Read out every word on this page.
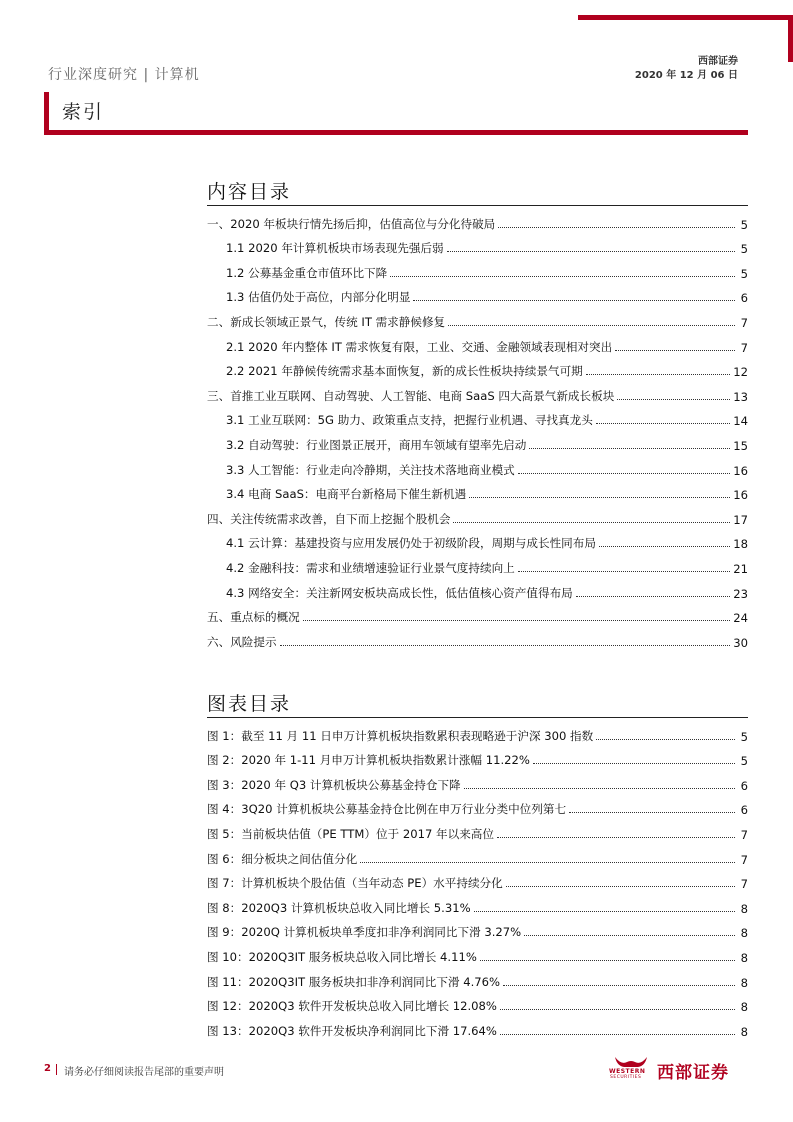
西部证券
2020 年 12 月 06 日
行业深度研究 | 计算机
索引
内容目录
一、2020 年板块行情先扬后抑，估值高位与分化待破局	5
1.1 2020 年计算机板块市场表现先强后弱	5
1.2 公募基金重仓市值环比下降	5
1.3 估值仍处于高位，内部分化明显	6
二、新成长领域正景气，传统 IT 需求静候修复	7
2.1 2020 年内整体 IT 需求恢复有限，工业、交通、金融领域表现相对突出	7
2.2 2021 年静候传统需求基本面恢复，新的成长性板块持续景气可期	12
三、首推工业互联网、自动驾驶、人工智能、电商 SaaS 四大高景气新成长板块	13
3.1 工业互联网：5G 助力、政策重点支持，把握行业机遇、寻找真龙头	14
3.2 自动驾驶：行业图景正展开，商用车领域有望率先启动	15
3.3 人工智能：行业走向冷静期，关注技术落地商业模式	16
3.4 电商 SaaS：电商平台新格局下催生新机遇	16
四、关注传统需求改善，自下而上挖掘个股机会	17
4.1 云计算：基建投资与应用发展仍处于初级阶段，周期与成长性同布局	18
4.2 金融科技：需求和业绩增速验证行业景气度持续向上	21
4.3 网络安全：关注新网安板块高成长性，低估值核心资产值得布局	23
五、重点标的概况	24
六、风险提示	30
图表目录
图 1：截至 11 月 11 日申万计算机板块指数累积表现略逊于沪深 300 指数	5
图 2：2020 年 1-11 月申万计算机板块指数累计涨幅 11.22%	5
图 3：2020 年 Q3 计算机板块公募基金持仓下降	6
图 4：3Q20 计算机板块公募基金持仓比例在申万行业分类中位列第七	6
图 5：当前板块估值（PE TTM）位于 2017 年以来高位	7
图 6：细分板块之间估值分化	7
图 7：计算机板块个股估值（当年动态 PE）水平持续分化	7
图 8：2020Q3 计算机板块总收入同比增长 5.31%	8
图 9：2020Q 计算机板块单季度扣非净利润同比下滑 3.27%	8
图 10：2020Q3IT 服务板块总收入同比增长 4.11%	8
图 11：2020Q3IT 服务板块扣非净利润同比下滑 4.76%	8
图 12：2020Q3 软件开发板块总收入同比增长 12.08%	8
图 13：2020Q3 软件开发板块净利润同比下滑 17.64%	8
2 请务必仔细阅读报告尾部的重要声明	WESTERN
SECURITIES 西部证券
